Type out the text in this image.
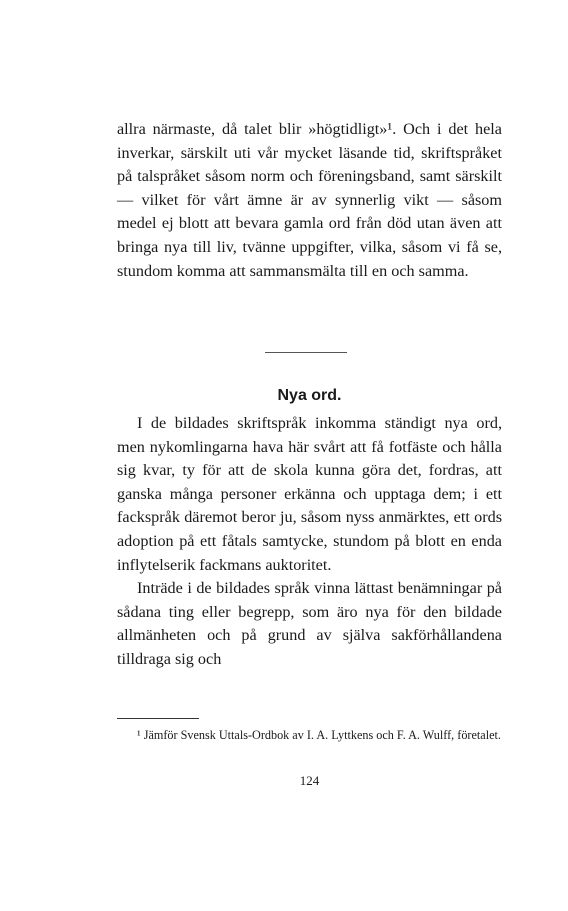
allra närmaste, då talet blir »högtidligt»¹. Och i det hela inverkar, särskilt uti vår mycket läsande tid, skriftspråket på talspråket såsom norm och föreningsband, samt särskilt — vilket för vårt ämne är av synnerlig vikt — såsom medel ej blott att bevara gamla ord från död utan även att bringa nya till liv, tvänne uppgifter, vilka, såsom vi få se, stundom komma att sammansmälta till en och samma.
Nya ord.

I de bildades skriftspråk inkomma ständigt nya ord, men nykomlingarna hava här svårt att få fotfäste och hålla sig kvar, ty för att de skola kunna göra det, fordras, att ganska många personer erkänna och upptaga dem; i ett fackspråk däremot beror ju, såsom nyss anmärktes, ett ords adoption på ett fåtals samtycke, stundom på blott en enda inflytelserik fackmans auktoritet.

Inträde i de bildades språk vinna lättast benämningar på sådana ting eller begrepp, som äro nya för den bildade allmänheten och på grund av själva sakförhållandena tilldraga sig och

¹ Jämför Svensk Uttals-Ordbok av I. A. Lyttkens och F. A. Wulff, företalet.
124
